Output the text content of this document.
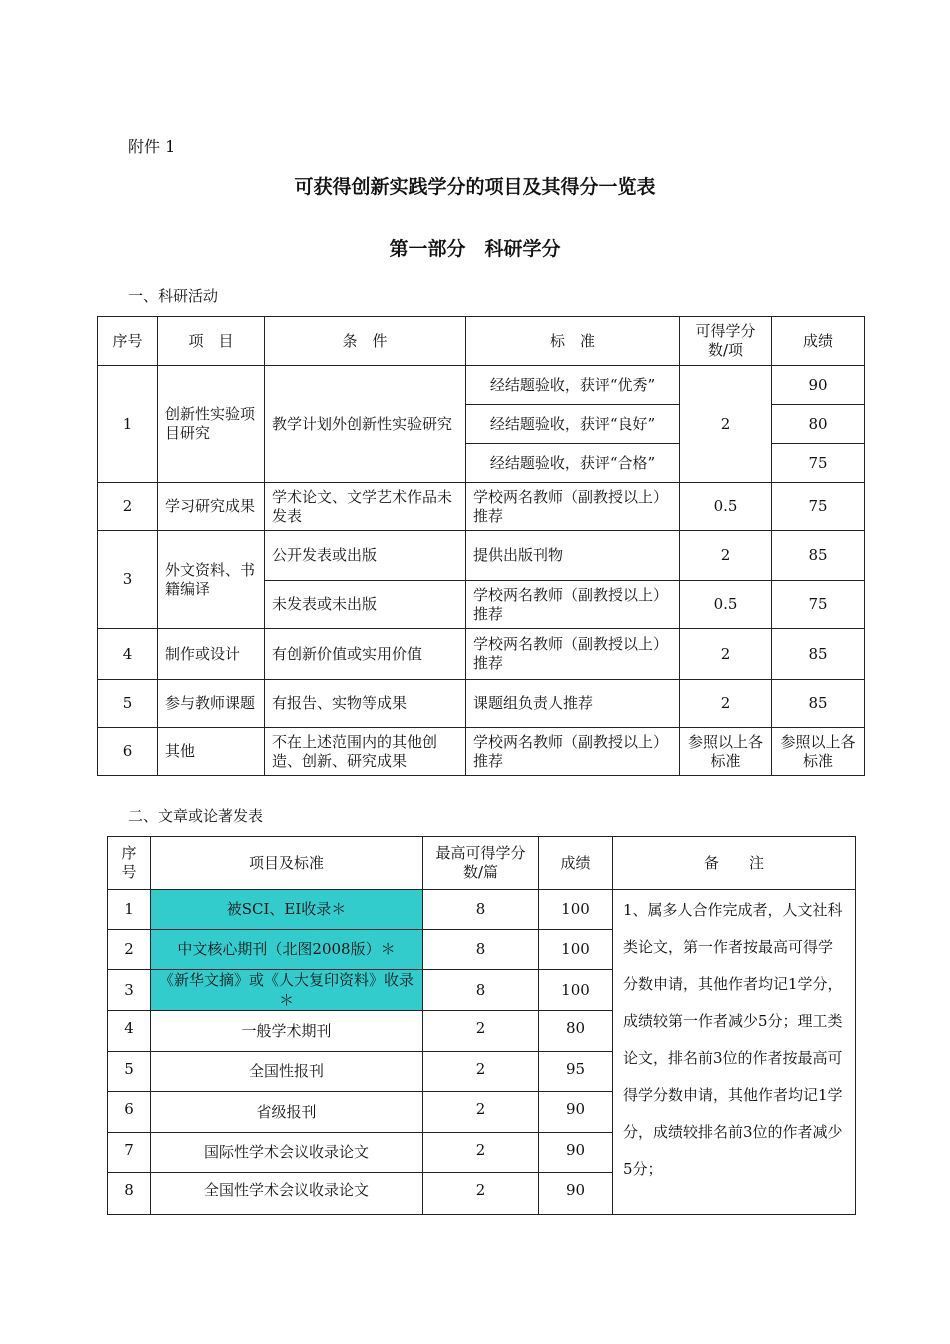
附件 1
可获得创新实践学分的项目及其得分一览表
第一部分　科研学分
一、科研活动
序号	项　目	条　件	标　准	可得学分数/项	成绩
1	创新性实验项目研究	教学计划外创新性实验研究	经结题验收，获评“优秀”	2	90
			经结题验收，获评“良好”		80
			经结题验收，获评“合格”		75
2	学习研究成果	学术论文、文学艺术作品未发表	学校两名教师（副教授以上）推荐	0.5	75
3	外文资料、书籍编译	公开发表或出版	提供出版刊物	2	85
		未发表或未出版	学校两名教师（副教授以上）推荐	0.5	75
4	制作或设计	有创新价值或实用价值	学校两名教师（副教授以上）推荐	2	85
5	参与教师课题	有报告、实物等成果	课题组负责人推荐	2	85
6	其他	不在上述范围内的其他创造、创新、研究成果	学校两名教师（副教授以上）推荐	参照以上各标准	参照以上各标准
二、文章或论著发表
序号	项目及标准	最高可得学分数/篇	成绩	备　　注
1	被SCI、EI收录＊	8	100	1、属多人合作完成者，人文社科类论文，第一作者按最高可得学分数申请，其他作者均记1学分，成绩较第一作者减少5分；理工类论文，排名前3位的作者按最高可得学分数申请，其他作者均记1学分，成绩较排名前3位的作者减少5分；
2	中文核心期刊（北图2008版）＊	8	100	
3	《新华文摘》或《人大复印资料》收录＊	8	100	
4	一般学术期刊	2	80	
5	全国性报刊	2	95	
6	省级报刊	2	90	
7	国际性学术会议收录论文	2	90	
8	全国性学术会议收录论文	2	90	
